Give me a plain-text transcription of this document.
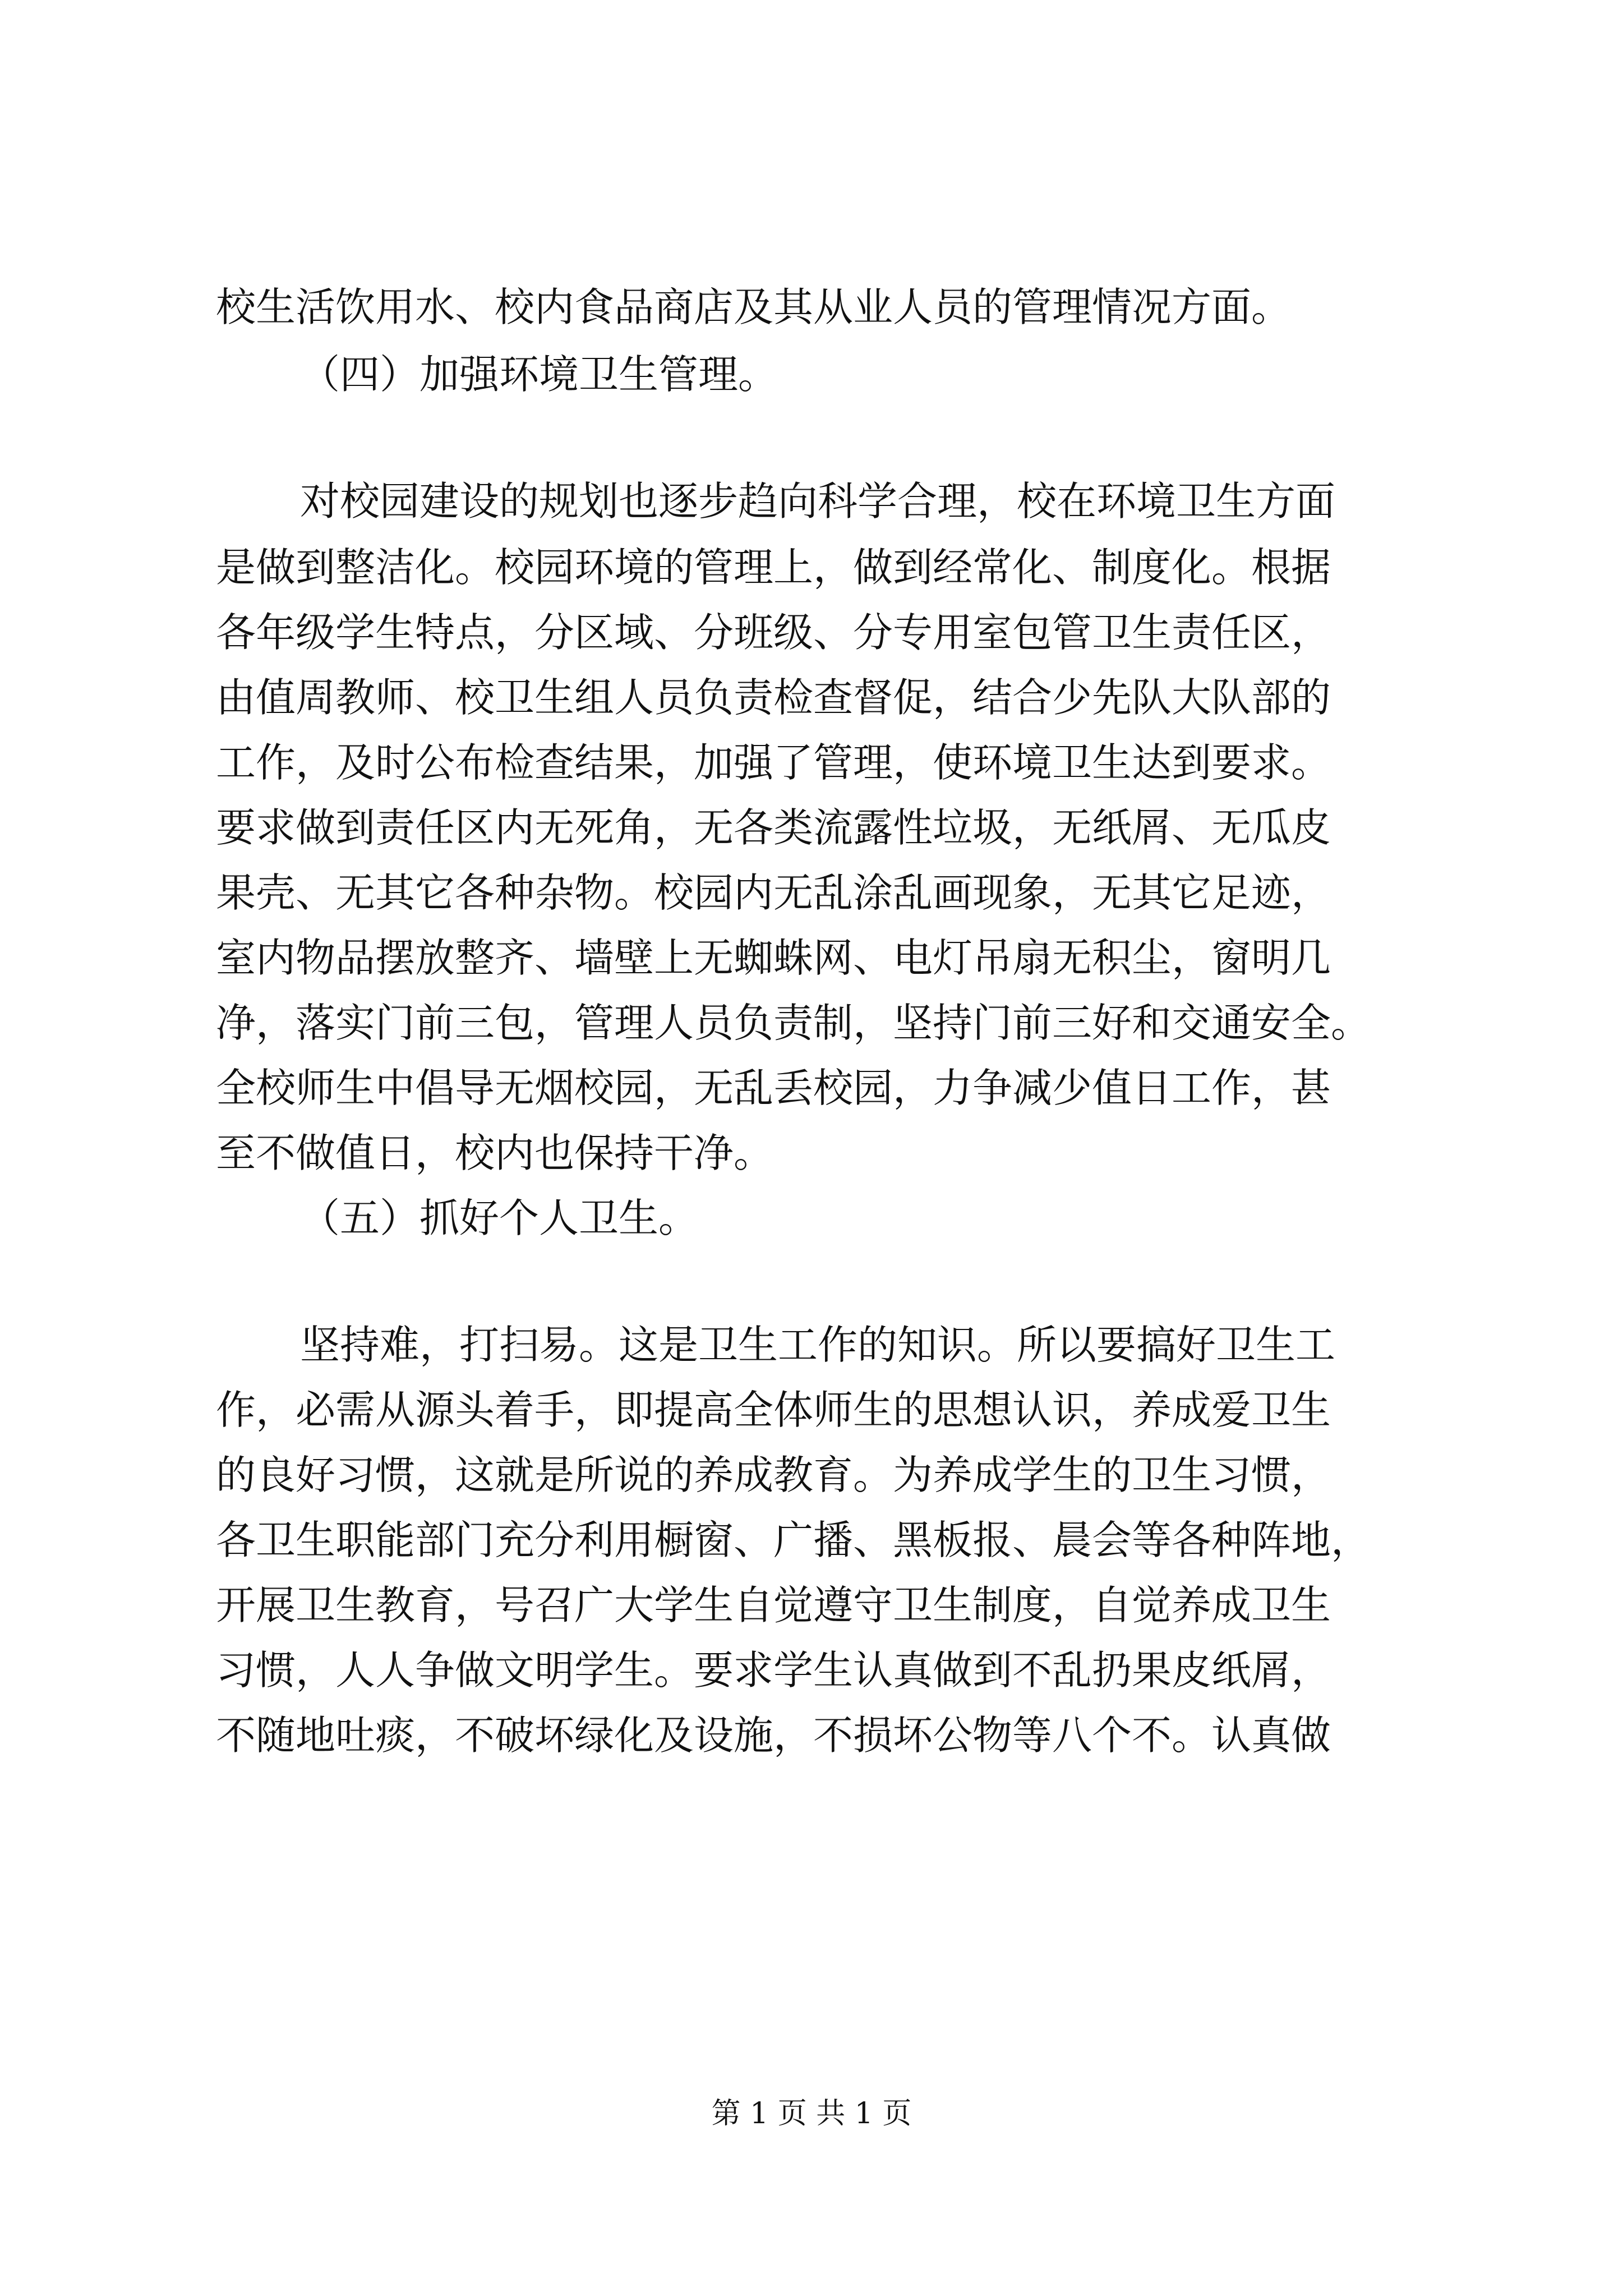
校生活饮用水、校内食品商店及其从业人员的管理情况方面。

（四）加强环境卫生管理。

对校园建设的规划也逐步趋向科学合理，校在环境卫生方面

是做到整洁化。校园环境的管理上，做到经常化、制度化。根据

各年级学生特点，分区域、分班级、分专用室包管卫生责任区，

由值周教师、校卫生组人员负责检查督促，结合少先队大队部的

工作，及时公布检查结果，加强了管理，使环境卫生达到要求。

要求做到责任区内无死角，无各类流露性垃圾，无纸屑、无瓜皮

果壳、无其它各种杂物。校园内无乱涂乱画现象，无其它足迹，

室内物品摆放整齐、墙壁上无蜘蛛网、电灯吊扇无积尘，窗明几

净，落实门前三包，管理人员负责制，坚持门前三好和交通安全。

全校师生中倡导无烟校园，无乱丢校园，力争减少值日工作，甚

至不做值日，校内也保持干净。

（五）抓好个人卫生。

坚持难，打扫易。这是卫生工作的知识。所以要搞好卫生工

作，必需从源头着手，即提高全体师生的思想认识，养成爱卫生

的良好习惯，这就是所说的养成教育。为养成学生的卫生习惯，

各卫生职能部门充分利用橱窗、广播、黑板报、晨会等各种阵地，

开展卫生教育，号召广大学生自觉遵守卫生制度，自觉养成卫生

习惯，人人争做文明学生。要求学生认真做到不乱扔果皮纸屑，

不随地吐痰，不破坏绿化及设施，不损坏公物等八个不。认真做

第 1 页 共 1 页
